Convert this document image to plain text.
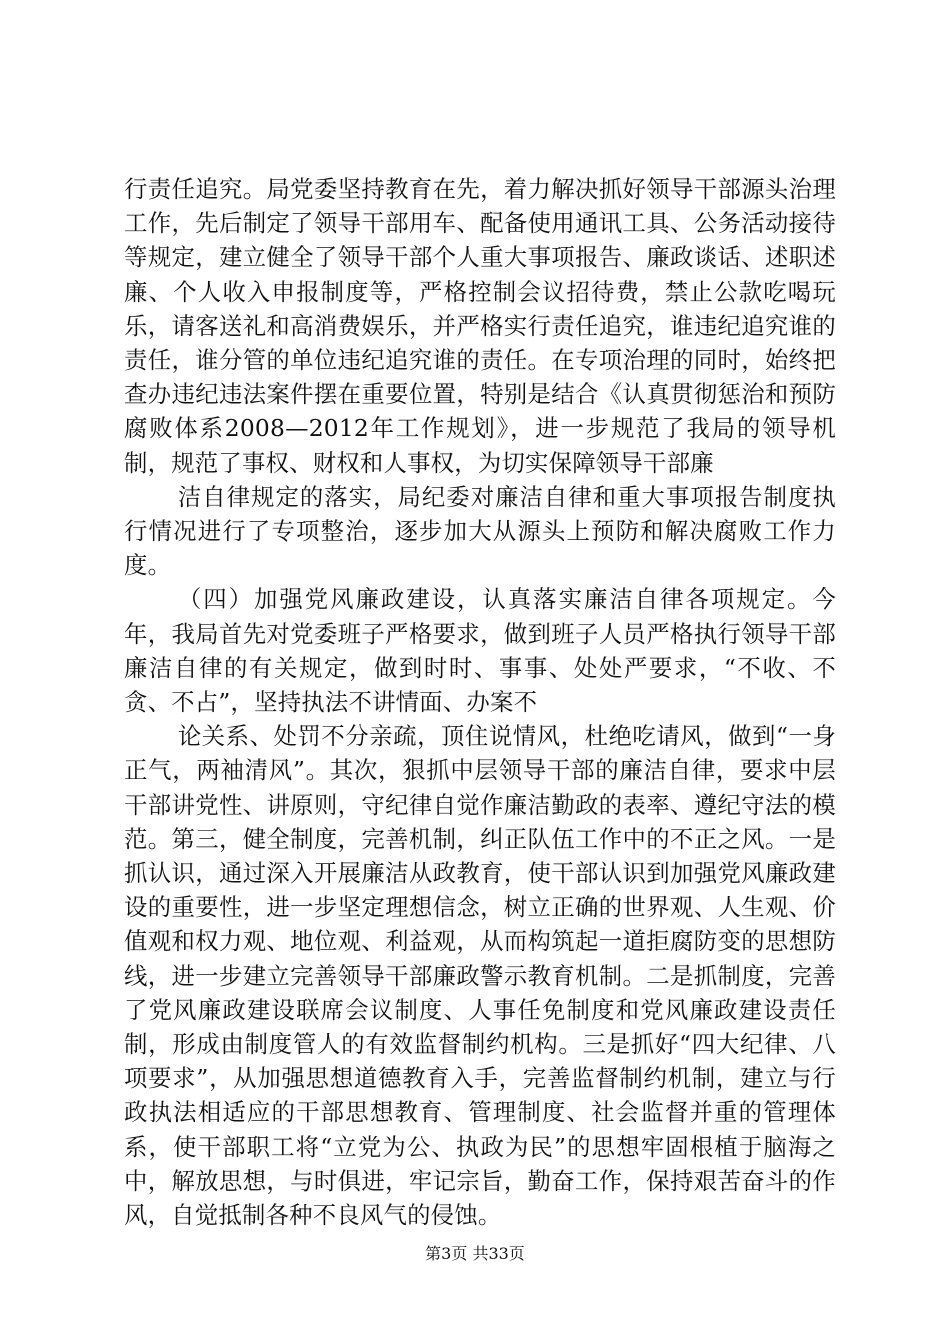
行责任追究。局党委坚持教育在先，着力解决抓好领导干部源头治理工作，先后制定了领导干部用车、配备使用通讯工具、公务活动接待等规定，建立健全了领导干部个人重大事项报告、廉政谈话、述职述廉、个人收入申报制度等，严格控制会议招待费，禁止公款吃喝玩乐，请客送礼和高消费娱乐，并严格实行责任追究，谁违纪追究谁的责任，谁分管的单位违纪追究谁的责任。在专项治理的同时，始终把查办违纪违法案件摆在重要位置，特别是结合《认真贯彻惩治和预防腐败体系2008—2012年工作规划》，进一步规范了我局的领导机制，规范了事权、财权和人事权，为切实保障领导干部廉

洁自律规定的落实，局纪委对廉洁自律和重大事项报告制度执行情况进行了专项整治，逐步加大从源头上预防和解决腐败工作力度。

（四）加强党风廉政建设，认真落实廉洁自律各项规定。今年，我局首先对党委班子严格要求，做到班子人员严格执行领导干部廉洁自律的有关规定，做到时时、事事、处处严要求，“不收、不贪、不占”，坚持执法不讲情面、办案不

论关系、处罚不分亲疏，顶住说情风，杜绝吃请风，做到“一身正气，两袖清风”。其次，狠抓中层领导干部的廉洁自律，要求中层干部讲党性、讲原则，守纪律自觉作廉洁勤政的表率、遵纪守法的模范。第三，健全制度，完善机制，纠正队伍工作中的不正之风。一是抓认识，通过深入开展廉洁从政教育，使干部认识到加强党风廉政建设的重要性，进一步坚定理想信念，树立正确的世界观、人生观、价值观和权力观、地位观、利益观，从而构筑起一道拒腐防变的思想防线，进一步建立完善领导干部廉政警示教育机制。二是抓制度，完善了党风廉政建设联席会议制度、人事任免制度和党风廉政建设责任制，形成由制度管人的有效监督制约机构。三是抓好“四大纪律、八项要求”，从加强思想道德教育入手，完善监督制约机制，建立与行政执法相适应的干部思想教育、管理制度、社会监督并重的管理体系，使干部职工将“立党为公、执政为民”的思想牢固根植于脑海之中，解放思想，与时俱进，牢记宗旨，勤奋工作，保持艰苦奋斗的作风，自觉抵制各种不良风气的侵蚀。

第3页 共33页
